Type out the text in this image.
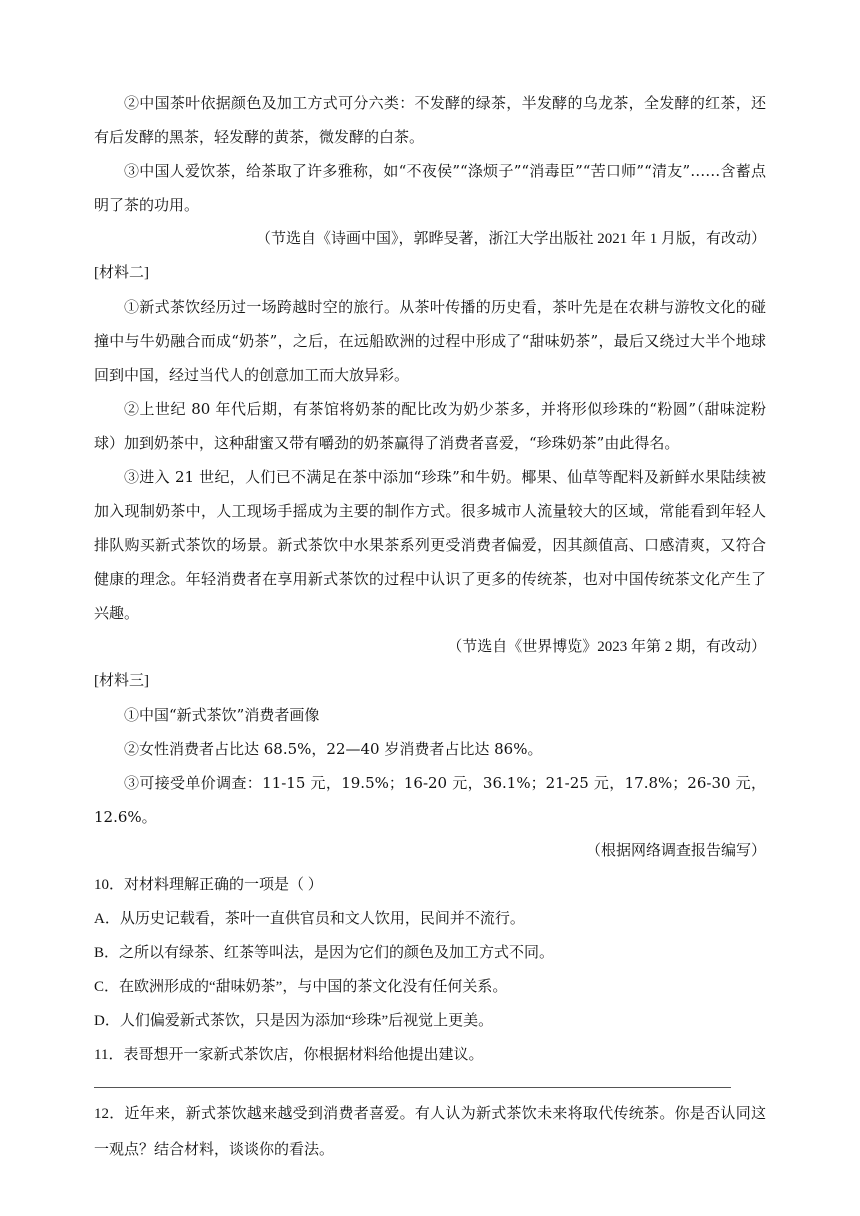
②中国茶叶依据颜色及加工方式可分六类：不发酵的绿茶，半发酵的乌龙茶，全发酵的红茶，还有后发酵的黑茶，轻发酵的黄茶，微发酵的白茶。

③中国人爱饮茶，给茶取了许多雅称，如“不夜侯”“涤烦子”“消毒臣”“苦口师”“清友”……含蓄点明了茶的功用。

（节选自《诗画中国》，郭晔旻著，浙江大学出版社 2021 年 1 月版，有改动）

[材料二]

①新式茶饮经历过一场跨越时空的旅行。从茶叶传播的历史看，茶叶先是在农耕与游牧文化的碰撞中与牛奶融合而成“奶茶”，之后，在远船欧洲的过程中形成了“甜味奶茶”，最后又绕过大半个地球回到中国，经过当代人的创意加工而大放异彩。

②上世纪 80 年代后期，有茶馆将奶茶的配比改为奶少茶多，并将形似珍珠的“粉圆”（甜味淀粉球）加到奶茶中，这种甜蜜又带有嚼劲的奶茶赢得了消费者喜爱，“珍珠奶茶”由此得名。

③进入 21 世纪，人们已不满足在茶中添加“珍珠”和牛奶。椰果、仙草等配料及新鲜水果陆续被加入现制奶茶中，人工现场手摇成为主要的制作方式。很多城市人流量较大的区域，常能看到年轻人排队购买新式茶饮的场景。新式茶饮中水果茶系列更受消费者偏爱，因其颜值高、口感清爽，又符合健康的理念。年轻消费者在享用新式茶饮的过程中认识了更多的传统茶，也对中国传统茶文化产生了兴趣。

（节选自《世界博览》2023 年第 2 期，有改动）

[材料三]

①中国“新式茶饮”消费者画像

②女性消费者占比达 68.5%，22—40 岁消费者占比达 86%。

③可接受单价调查：11-15 元，19.5%；16-20 元，36.1%；21-25 元，17.8%；26-30 元，12.6%。

（根据网络调查报告编写）

10．对材料理解正确的一项是（ ）

A．从历史记载看，茶叶一直供官员和文人饮用，民间并不流行。

B．之所以有绿茶、红茶等叫法，是因为它们的颜色及加工方式不同。

C．在欧洲形成的“甜味奶茶”，与中国的茶文化没有任何关系。

D．人们偏爱新式茶饮，只是因为添加“珍珠”后视觉上更美。

11．表哥想开一家新式茶饮店，你根据材料给他提出建议。

12．近年来，新式茶饮越来越受到消费者喜爱。有人认为新式茶饮未来将取代传统茶。你是否认同这一观点？结合材料，谈谈你的看法。
